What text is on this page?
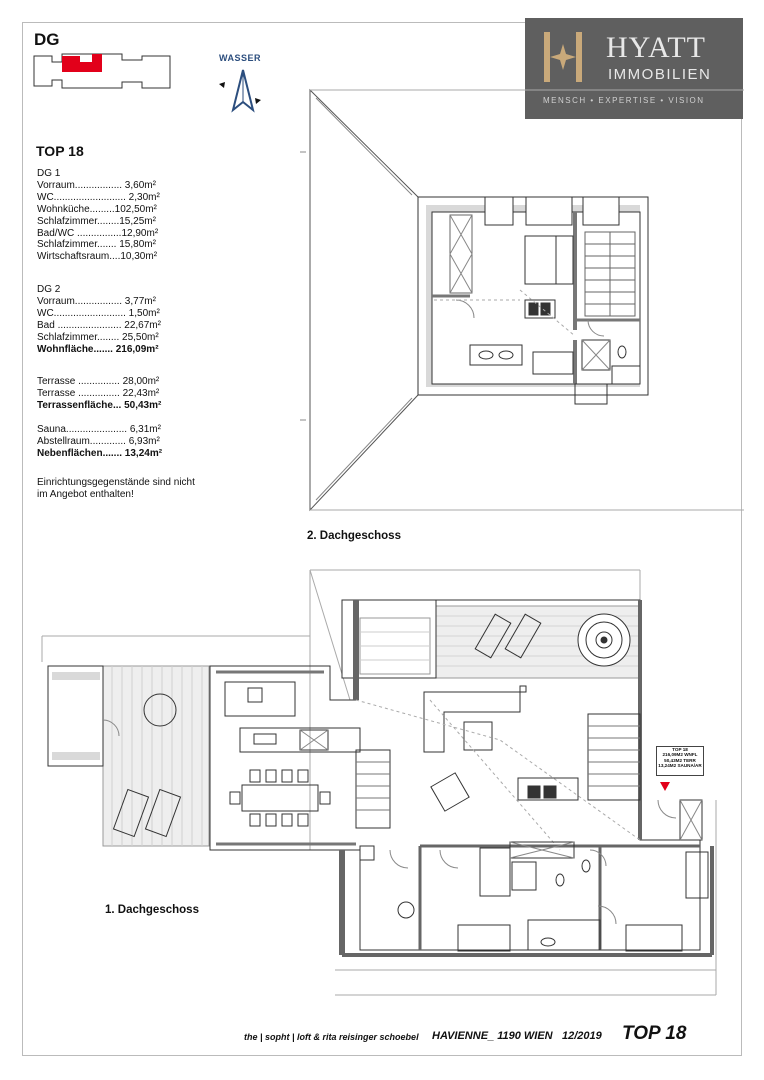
DG
WASSER	HYATT
IMMOBILIEN
MENSCH • EXPERTISE • VISION
TOP 18
DG 1
Vorraum................. 3,60m²
WC.......................... 2,30m²
Wohnküche.........102,50m²
Schlafzimmer........15,25m²
Bad/WC ................12,90m²
Schlafzimmer....... 15,80m²
Wirtschaftsraum....10,30m²
DG 2
Vorraum................. 3,77m²
WC.......................... 1,50m²
Bad ....................... 22,67m²
Schlafzimmer........ 25,50m²
Wohnfläche....... 216,09m²
Terrasse ............... 28,00m²
Terrasse ............... 22,43m²
Terrassenfläche... 50,43m²
Sauna...................... 6,31m²
Abstellraum............. 6,93m²
Nebenflächen....... 13,24m²
Einrichtungsgegenstände sind nicht im Angebot enthalten!
TOP 18
216,09M2 WNFL
50,43M2 TERR
13,24M2 SAUNA/AR
2. Dachgeschoss
1. Dachgeschoss
the | sopht | loft & rita reisinger schoebel HAVIENNE_ 1190 WIEN 12/2019 TOP 18
